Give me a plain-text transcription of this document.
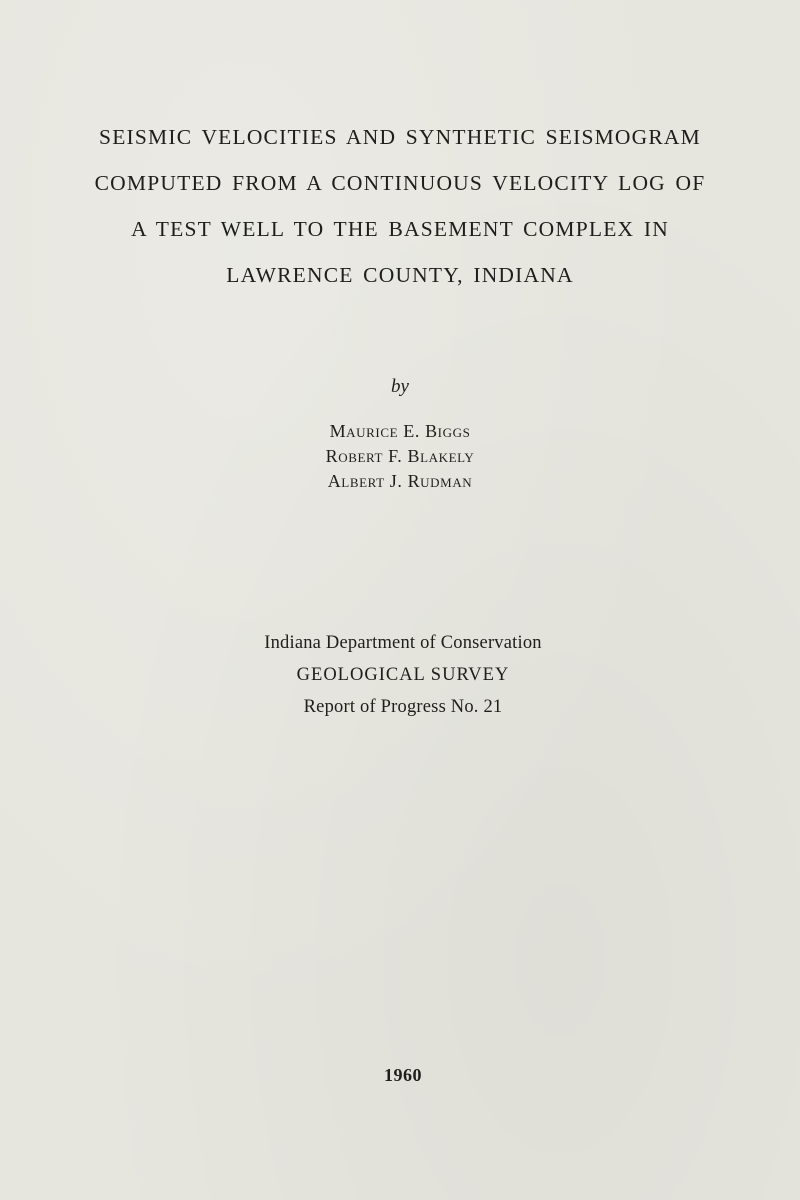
SEISMIC VELOCITIES AND SYNTHETIC SEISMOGRAM
COMPUTED FROM A CONTINUOUS VELOCITY LOG OF
A TEST WELL TO THE BASEMENT COMPLEX IN
LAWRENCE COUNTY, INDIANA
by
Maurice E. Biggs
Robert F. Blakely
Albert J. Rudman
Indiana Department of Conservation
GEOLOGICAL SURVEY
Report of Progress No. 21
1960
